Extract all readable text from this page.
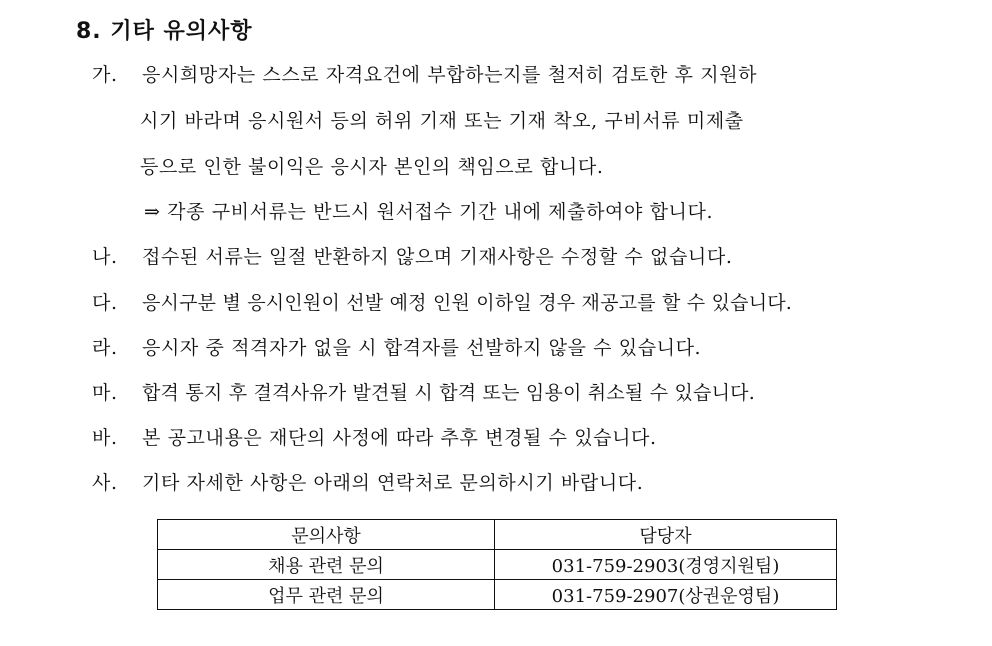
8. 기타 유의사항
가. 응시희망자는 스스로 자격요건에 부합하는지를 철저히 검토한 후 지원하
시기 바라며 응시원서 등의 허위 기재 또는 기재 착오, 구비서류 미제출
등으로 인한 불이익은 응시자 본인의 책임으로 합니다.
⇒ 각종 구비서류는 반드시 원서접수 기간 내에 제출하여야 합니다.
나. 접수된 서류는 일절 반환하지 않으며 기재사항은 수정할 수 없습니다.
다. 응시구분 별 응시인원이 선발 예정 인원 이하일 경우 재공고를 할 수 있습니다.
라. 응시자 중 적격자가 없을 시 합격자를 선발하지 않을 수 있습니다.
마. 합격 통지 후 결격사유가 발견될 시 합격 또는 임용이 취소될 수 있습니다.
바. 본 공고내용은 재단의 사정에 따라 추후 변경될 수 있습니다.
사. 기타 자세한 사항은 아래의 연락처로 문의하시기 바랍니다.
문의사항	담당자
채용 관련 문의	031-759-2903(경영지원팀)
업무 관련 문의	031-759-2907(상권운영팀)
